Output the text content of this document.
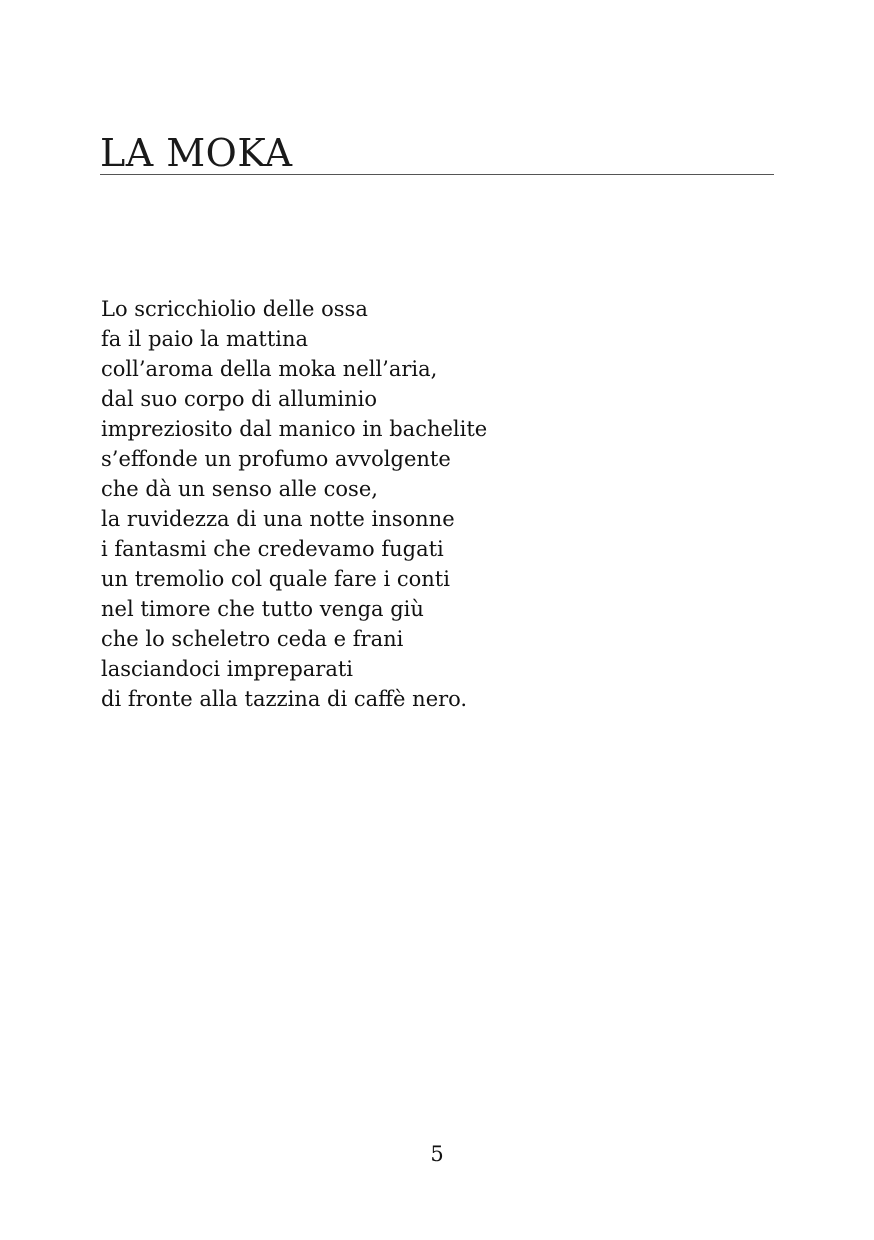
LA MOKA
Lo scricchiolio delle ossa
fa il paio la mattina
coll’aroma della moka nell’aria,
dal suo corpo di alluminio
impreziosito dal manico in bachelite
s’effonde un profumo avvolgente
che dà un senso alle cose,
la ruvidezza di una notte insonne
i fantasmi che credevamo fugati
un tremolio col quale fare i conti
nel timore che tutto venga giù
che lo scheletro ceda e frani
lasciandoci impreparati
di fronte alla tazzina di caffè nero.
5
